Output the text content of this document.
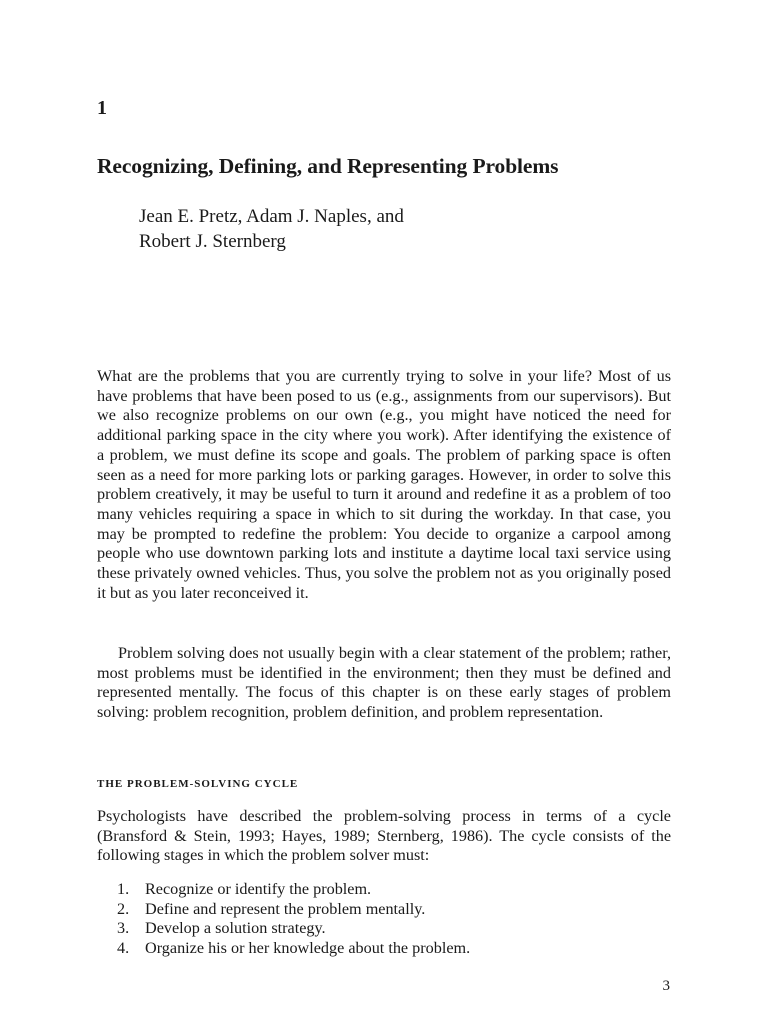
1
Recognizing, Defining, and Representing Problems
Jean E. Pretz, Adam J. Naples, and
Robert J. Sternberg

What are the problems that you are currently trying to solve in your life? Most of us have problems that have been posed to us (e.g., assignments from our supervisors). But we also recognize problems on our own (e.g., you might have noticed the need for additional parking space in the city where you work). After identifying the existence of a problem, we must define its scope and goals. The problem of parking space is often seen as a need for more parking lots or parking garages. However, in order to solve this problem creatively, it may be useful to turn it around and redefine it as a problem of too many vehicles requiring a space in which to sit during the workday. In that case, you may be prompted to redefine the problem: You decide to organize a carpool among people who use downtown parking lots and institute a daytime local taxi service using these privately owned vehicles. Thus, you solve the problem not as you originally posed it but as you later reconceived it.

Problem solving does not usually begin with a clear statement of the problem; rather, most problems must be identified in the environment; then they must be defined and represented mentally. The focus of this chapter is on these early stages of problem solving: problem recognition, problem definition, and problem representation.

the problem-solving cycle

Psychologists have described the problem-solving process in terms of a cycle (Bransford & Stein, 1993; Hayes, 1989; Sternberg, 1986). The cycle consists of the following stages in which the problem solver must:

1. Recognize or identify the problem.
2. Define and represent the problem mentally.
3. Develop a solution strategy.
4. Organize his or her knowledge about the problem.
3
